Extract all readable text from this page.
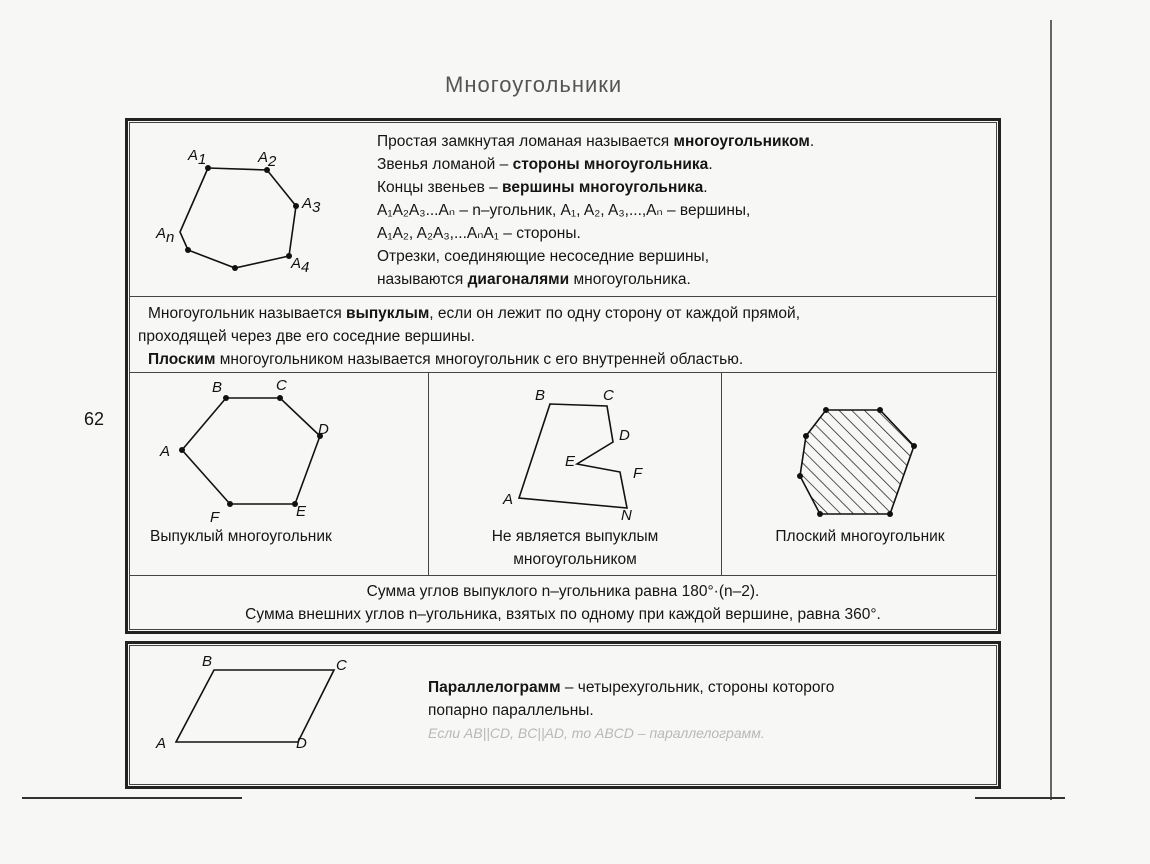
Многоугольники
62
A1	A2
A3
A4
An
Простая замкнутая ломаная называется многоугольником.
Звенья ломаной – стороны многоугольника.
Концы звеньев – вершины многоугольника.
A₁A₂A₃...Aₙ – n–угольник, A₁, A₂, A₃,...,Aₙ – вершины,
A₁A₂, A₂A₃,...AₙA₁ – стороны.
Отрезки, соединяющие несоседние вершины,
называются диагоналями многоугольника.
Многоугольник называется выпуклым, если он лежит по одну сторону от каждой прямой,
проходящей через две его соседние вершины.
Плоским многоугольником называется многоугольник с его внутренней областью.
B	C
D
E
F
A
Выпуклый многоугольник
B	C
D
E
F
N
A
Не является выпуклым
многоугольником
Плоский многоугольник
Сумма углов выпуклого n–угольника равна 180°·(n–2).
Сумма внешних углов n–угольника, взятых по одному при каждой вершине, равна 360°.
B	C
D
A
Параллелограмм – четырехугольник, стороны которого
попарно параллельны.
Если AB||CD, BC||AD, то ABCD – параллелограмм.
